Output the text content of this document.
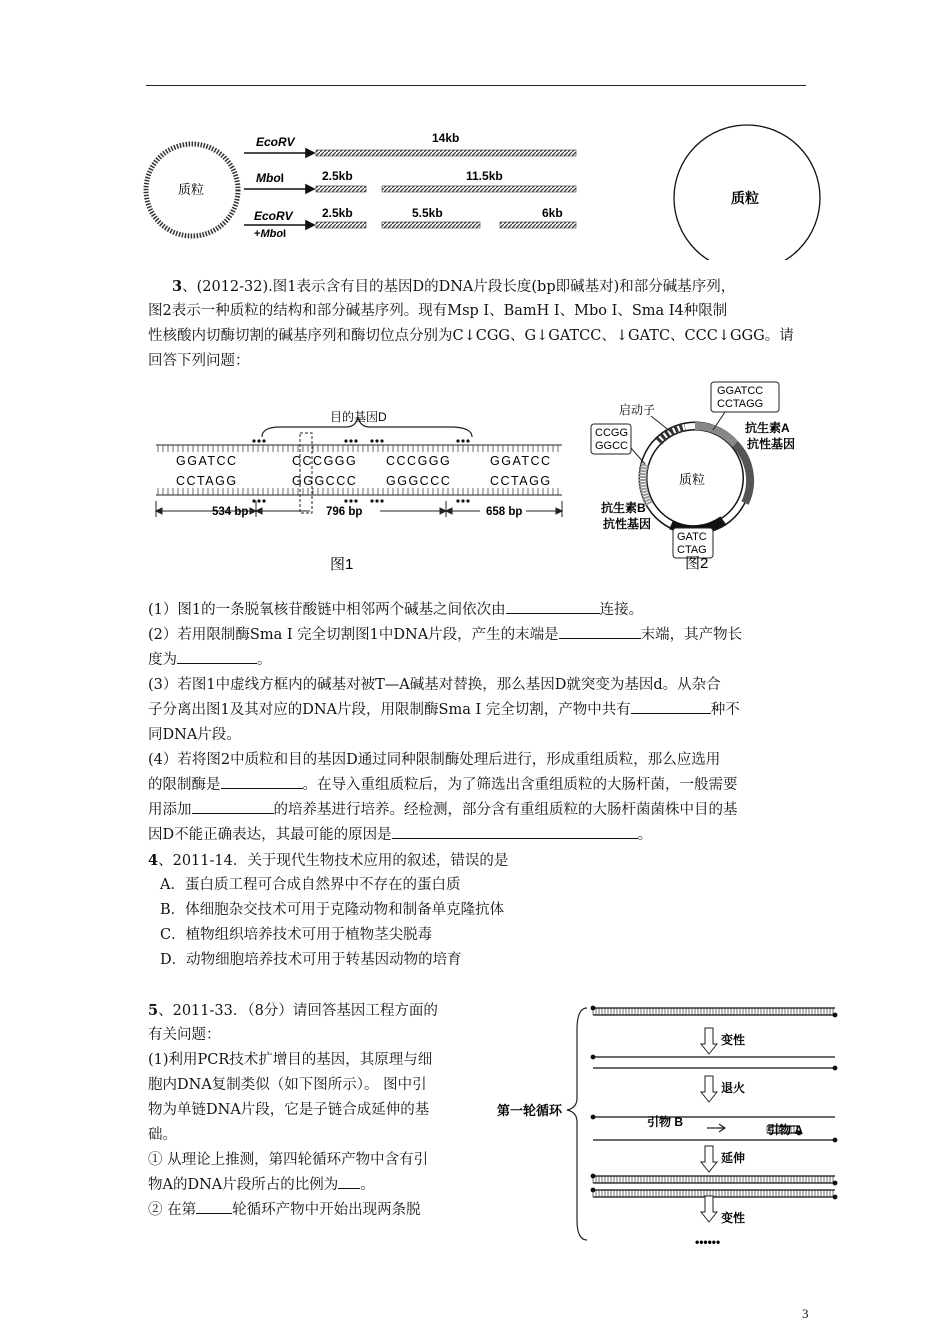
质粒
EcoRV
MboI
EcoRV
+MboI
14kb
2.5kb	11.5kb
2.5kb	5.5kb	6kb
质粒
3、(2012-32).图1表示含有目的基因D的DNA片段长度(bp即碱基对)和部分碱基序列，
图2表示一种质粒的结构和部分碱基序列。现有Msp Ⅰ、BamH Ⅰ、Mbo Ⅰ、Sma Ⅰ4种限制
性核酸内切酶切割的碱基序列和酶切位点分别为C↓CGG、G↓GATCC、↓GATC、CCC↓GGG。请
回答下列问题：
目的基因D
GGATCC	CCCGGG CCCGGG	GGATCC
CCTAGG	GGGCCC GGGCCC	CCTAGG
534 bp	796 bp	658 bp
图1
质粒
启动子
GGATCC
CCTAGG
抗生素A
抗性基因
CCGG
GGCC
抗生素B
抗性基因
GATC
CTAG
图2
(1）图1的一条脱氧核苷酸链中相邻两个碱基之间依次由	连接。
(2）若用限制酶Sma Ⅰ 完全切割图1中DNA片段，产生的末端是	末端，其产物长
度为	。
(3）若图1中虚线方框内的碱基对被T—A碱基对替换，那么基因D就突变为基因d。从杂合
子分离出图1及其对应的DNA片段，用限制酶Sma Ⅰ 完全切割，产物中共有	种不
同DNA片段。
(4）若将图2中质粒和目的基因D通过同种限制酶处理后进行，形成重组质粒，那么应选用
的限制酶是	。在导入重组质粒后，为了筛选出含重组质粒的大肠杆菌，一般需要
用添加	的培养基进行培养。经检测，部分含有重组质粒的大肠杆菌菌株中目的基
因D不能正确表达，其最可能的原因是	。
4、2011-14．关于现代生物技术应用的叙述，错误的是
A．蛋白质工程可合成自然界中不存在的蛋白质
B．体细胞杂交技术可用于克隆动物和制备单克隆抗体
C．植物组织培养技术可用于植物茎尖脱毒
D．动物细胞培养技术可用于转基因动物的培育
5、2011-33．（8分）请回答基因工程方面的
有关问题：
(1)利用PCR技术扩增目的基因，其原理与细
胞内DNA复制类似（如下图所示）。 图中引
物为单链DNA片段，它是子链合成延伸的基
础。
① 从理论上推测，第四轮循环产物中含有引
物A的DNA片段所占的比例为 。
② 在第 轮循环产物中开始出现两条脱
第一轮循环
变性
退火
延伸
变性
引物 B
引物 A
••••••
3
